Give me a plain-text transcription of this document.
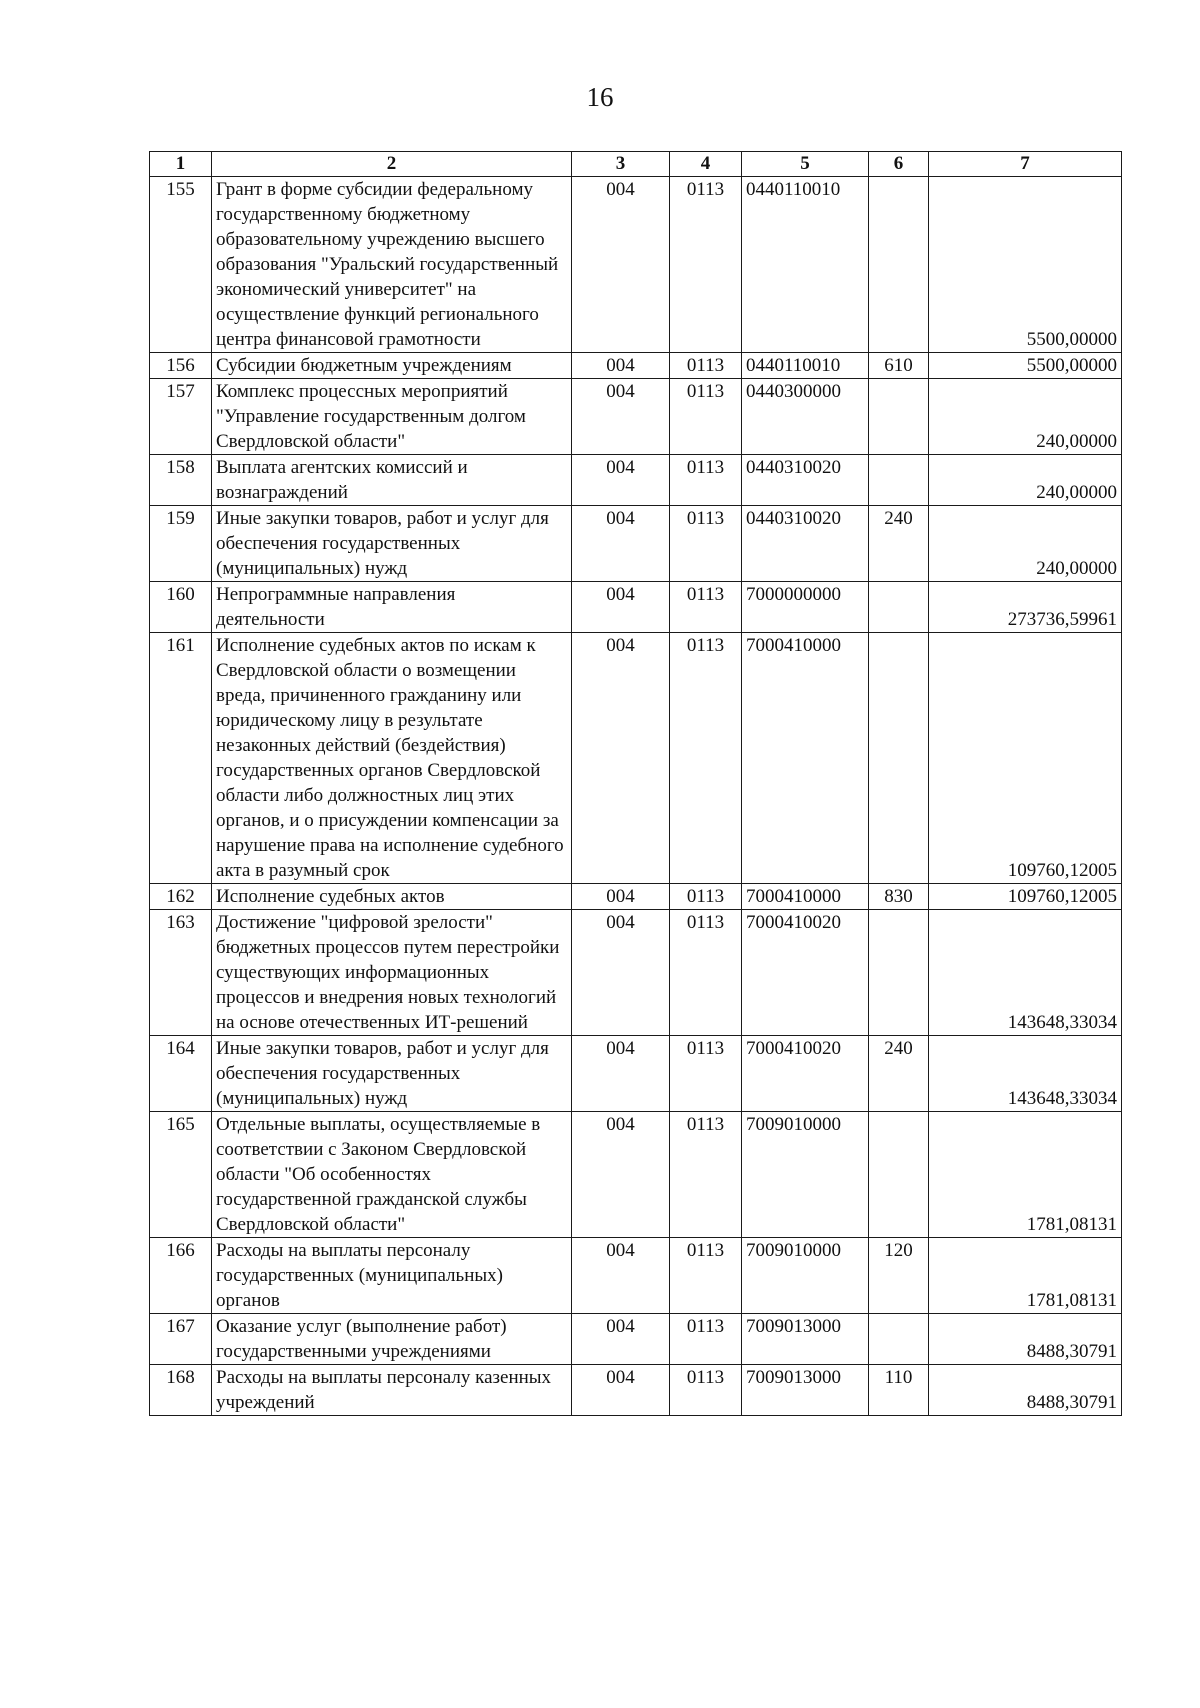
16
1	2	3	4	5	6	7
155	Грант в форме субсидии федеральному государственному бюджетному образовательному учреждению высшего образования "Уральский государственный экономический университет" на осуществление функций регионального центра финансовой грамотности	004	0113	0440110010		5500,00000
156	Субсидии бюджетным учреждениям	004	0113	0440110010	610	5500,00000
157	Комплекс процессных мероприятий "Управление государственным долгом Свердловской области"	004	0113	0440300000		240,00000
158	Выплата агентских комиссий и вознаграждений	004	0113	0440310020		240,00000
159	Иные закупки товаров, работ и услуг для обеспечения государственных (муниципальных) нужд	004	0113	0440310020	240	240,00000
160	Непрограммные направления деятельности	004	0113	7000000000		273736,59961
161	Исполнение судебных актов по искам к Свердловской области о возмещении вреда, причиненного гражданину или юридическому лицу в результате незаконных действий (бездействия) государственных органов Свердловской области либо должностных лиц этих органов, и о присуждении компенсации за нарушение права на исполнение судебного акта в разумный срок	004	0113	7000410000		109760,12005
162	Исполнение судебных актов	004	0113	7000410000	830	109760,12005
163	Достижение "цифровой зрелости" бюджетных процессов путем перестройки существующих информационных процессов и внедрения новых технологий на основе отечественных ИТ-решений	004	0113	7000410020		143648,33034
164	Иные закупки товаров, работ и услуг для обеспечения государственных (муниципальных) нужд	004	0113	7000410020	240	143648,33034
165	Отдельные выплаты, осуществляемые в соответствии с Законом Свердловской области "Об особенностях государственной гражданской службы Свердловской области"	004	0113	7009010000		1781,08131
166	Расходы на выплаты персоналу государственных (муниципальных) органов	004	0113	7009010000	120	1781,08131
167	Оказание услуг (выполнение работ) государственными учреждениями	004	0113	7009013000		8488,30791
168	Расходы на выплаты персоналу казенных учреждений	004	0113	7009013000	110	8488,30791
